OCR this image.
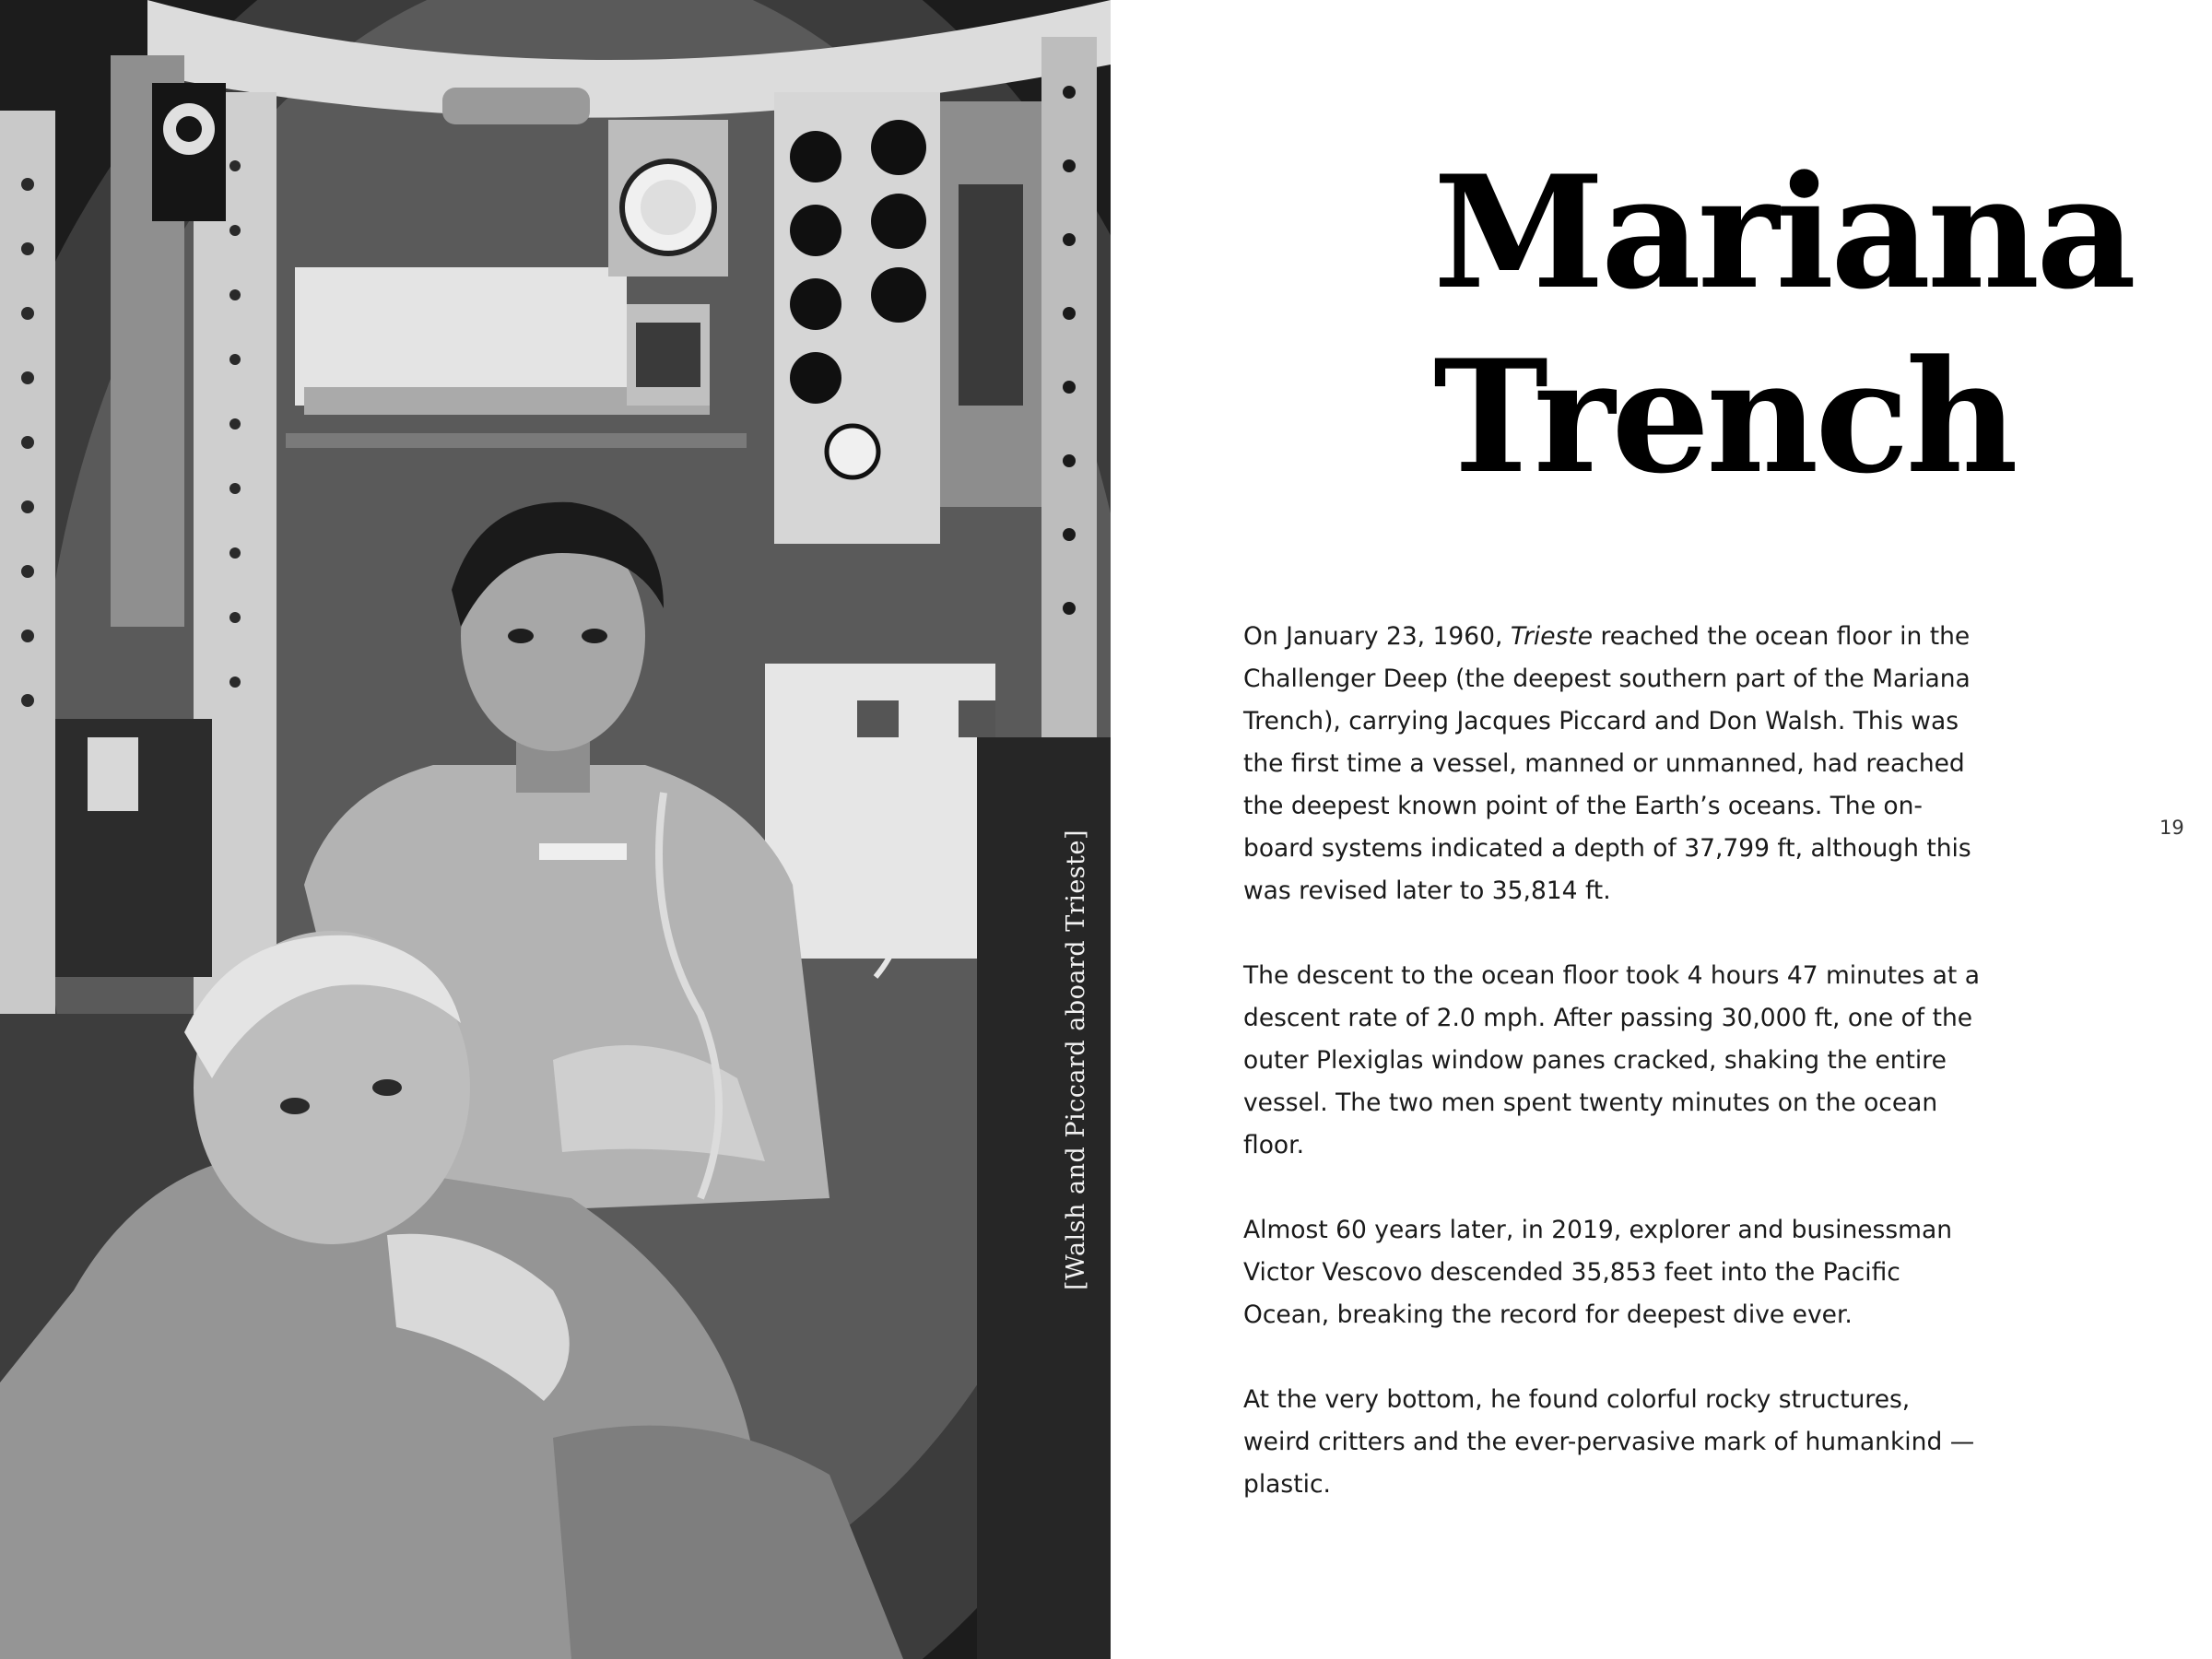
[Walsh and Piccard aboard Trieste]
Mariana
Trench

On January 23, 1960, Trieste reached the ocean floor in the Challenger Deep (the deepest southern part of the Mariana Trench), carrying Jacques Piccard and Don Walsh. This was the first time a vessel, manned or unmanned, had reached the deepest known point of the Earth’s oceans. The on-board systems indicated a depth of 37,799 ft, although this was revised later to 35,814 ft.

The descent to the ocean floor took 4 hours 47 minutes at a descent rate of 2.0 mph. After passing 30,000 ft, one of the outer Plexiglas window panes cracked, shaking the entire vessel. The two men spent twenty minutes on the ocean floor.

Almost 60 years later, in 2019, explorer and businessman Victor Vescovo descended 35,853 feet into the Pacific Ocean, breaking the record for deepest dive ever.

At the very bottom, he found colorful rocky structures, weird critters and the ever-pervasive mark of humankind — plastic.

19
